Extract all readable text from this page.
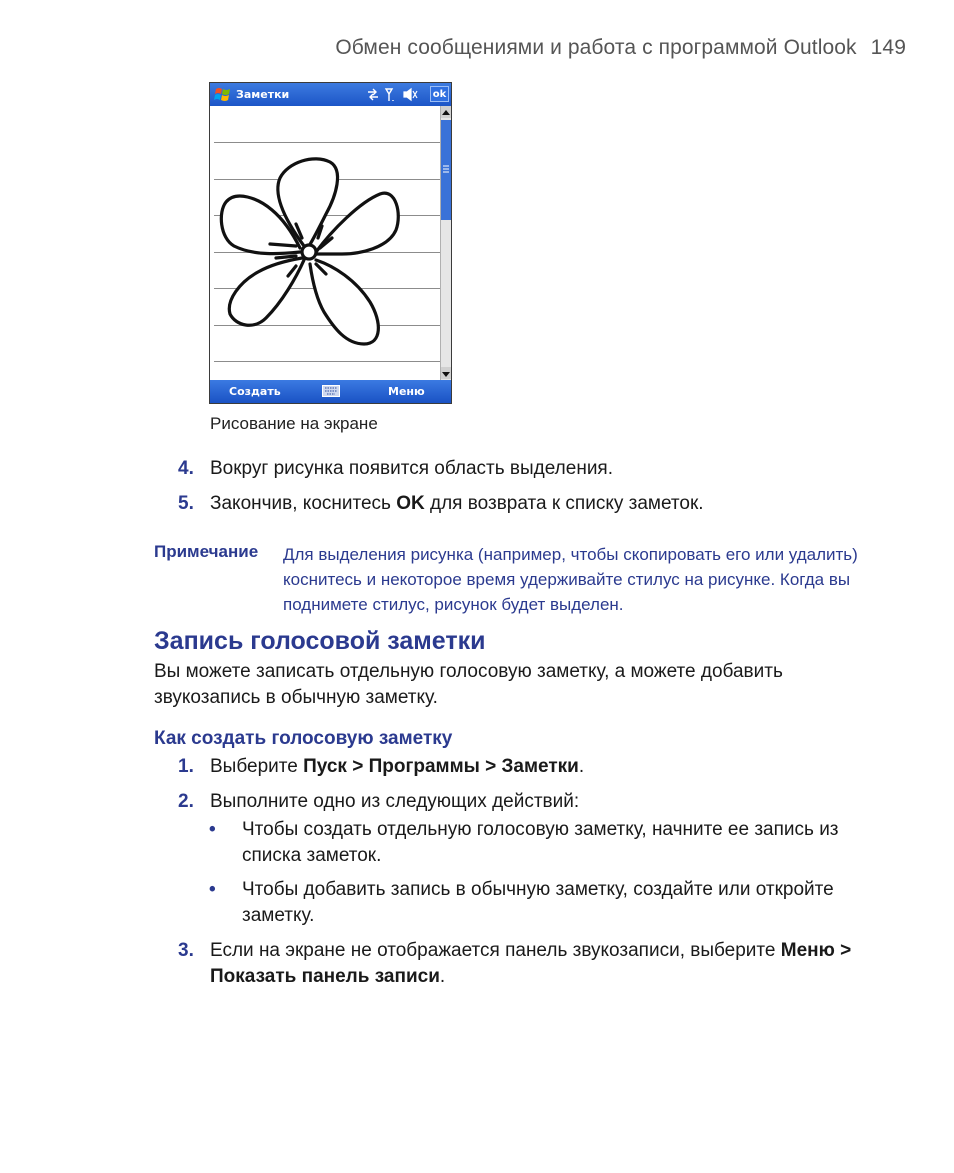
Обмен сообщениями и работа с программой Outlook 149
Заметки	ok
Создать	Меню
Рисование на экране
4. Вокруг рисунка появится область выделения.
5. Закончив, коснитесь OK для возврата к списку заметок.
Примечание Для выделения рисунка (например, чтобы скопировать его или удалить) коснитесь и некоторое время удерживайте стилус на рисунке. Когда вы поднимете стилус, рисунок будет выделен.
Запись голосовой заметки
Вы можете записать отдельную голосовую заметку, а можете добавить звукозапись в обычную заметку.
Как создать голосовую заметку
1. Выберите Пуск > Программы > Заметки.
2. Выполните одно из следующих действий:
• Чтобы создать отдельную голосовую заметку, начните ее запись из списка заметок.
• Чтобы добавить запись в обычную заметку, создайте или откройте заметку.
3. Если на экране не отображается панель звукозаписи, выберите Меню > Показать панель записи.
